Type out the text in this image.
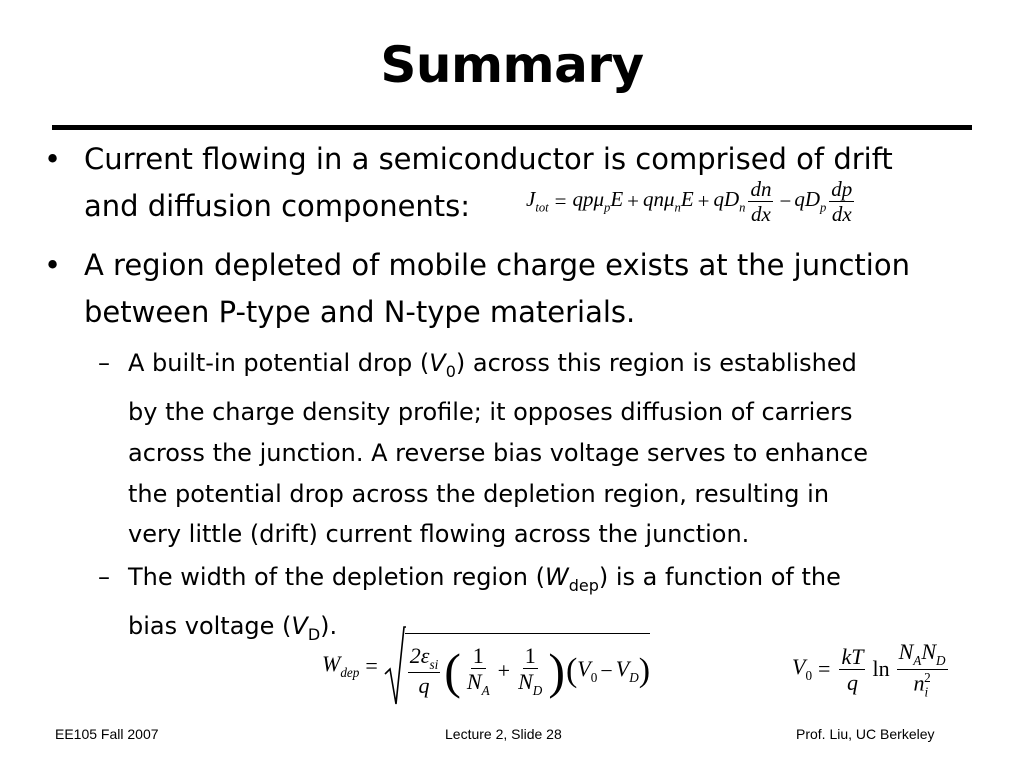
Summary
• Current flowing in a semiconductor is comprised of drift
and diffusion components:	$J_{tot} = qp\mu_pE + qn\mu_nE + qD_n \frac{dn}{dx} - qD_p \frac{dp}{dx}$
• A region depleted of mobile charge exists at the junction
between P-type and N-type materials.
– A built-in potential drop $(V_0)$ across this region is established
by the charge density profile; it opposes diffusion of carriers
across the junction. A reverse bias voltage serves to enhance
the potential drop across the depletion region, resulting in
very little (drift) current flowing across the junction.
– The width of the depletion region $(W_{dep})$ is a function of the
bias voltage $(V_D)$.
$W_{dep} = \frac{2\varepsilon_{si}}{q}$ ( $\frac{1}{N_A} + \frac{1}{N_D}$ ) ( $V_0 - V_D$ )	$V_0 = \frac{kT}{q}$ $\ln \frac{N_AN_D}{n_i^2}$
EE105 Fall 2007	Lecture 2, Slide 28	Prof. Liu, UC Berkeley
